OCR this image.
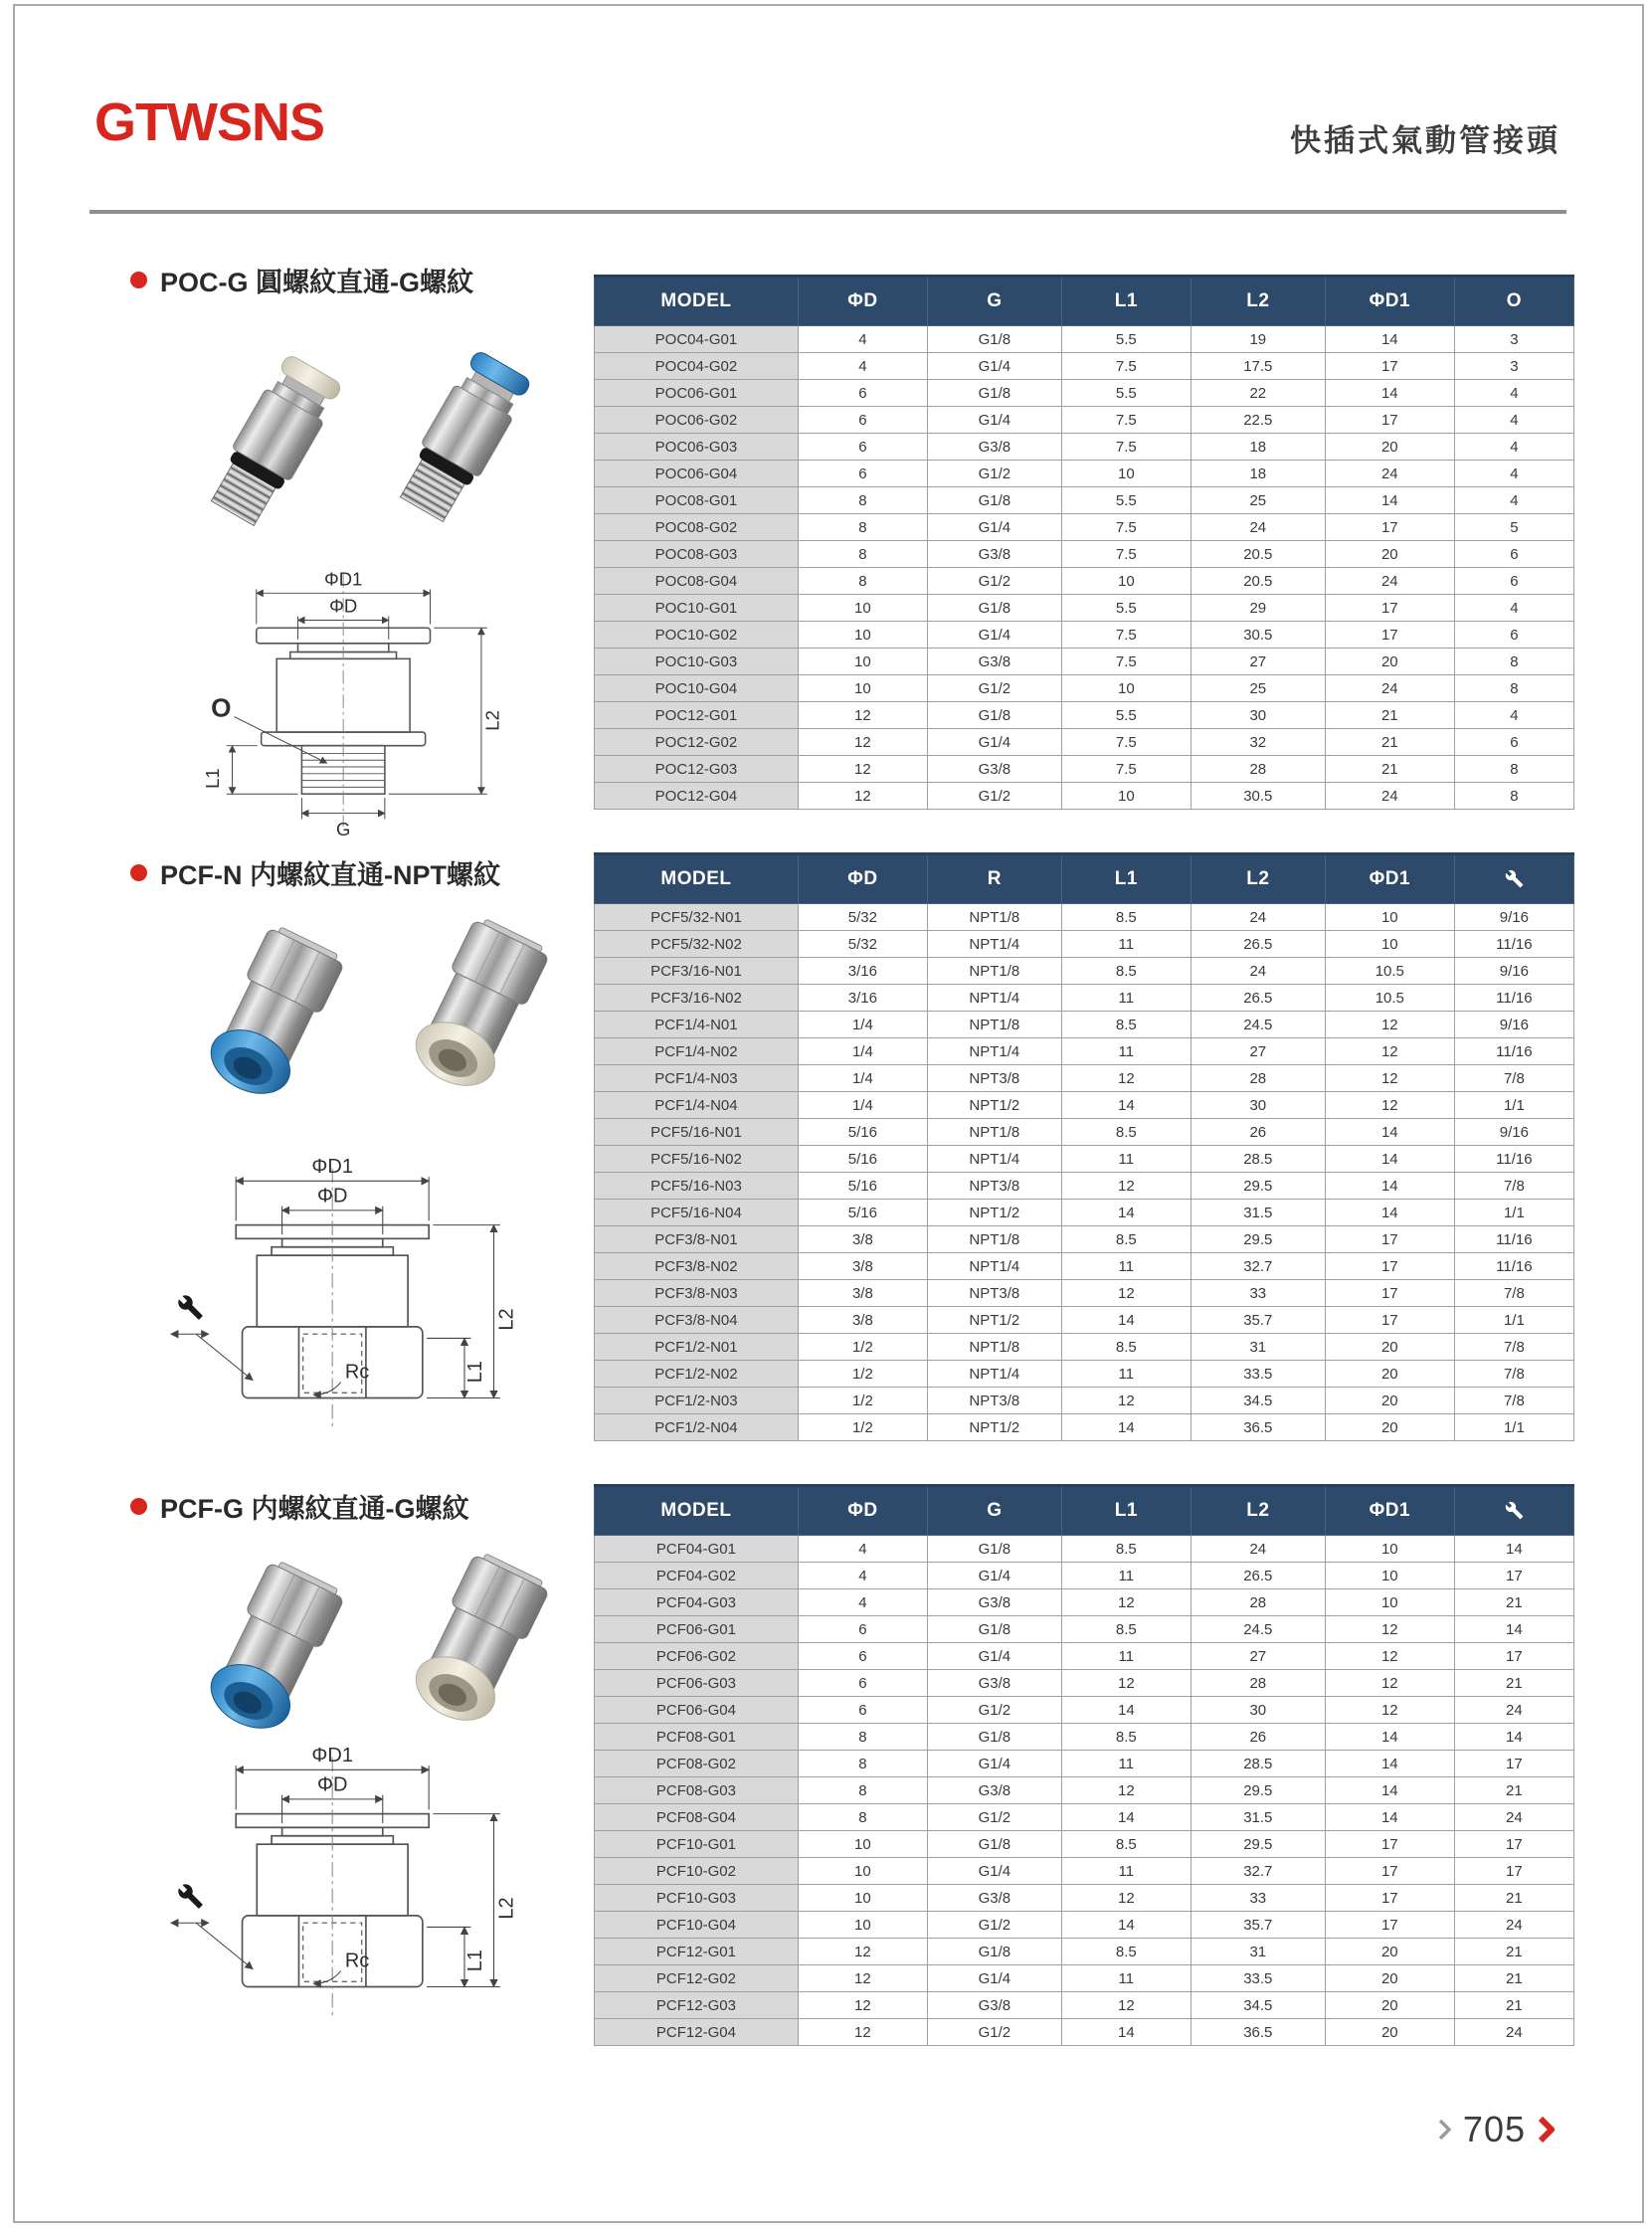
GTWSNS	快插式氣動管接頭
POC-G 圓螺紋直通-G螺紋
ΦD1
ΦD
O	L2
L1
G
MODEL	ΦD	G	L1	L2	ΦD1	O
POC04-G01	4	G1/8	5.5	19	14	3
POC04-G02	4	G1/4	7.5	17.5	17	3
POC06-G01	6	G1/8	5.5	22	14	4
POC06-G02	6	G1/4	7.5	22.5	17	4
POC06-G03	6	G3/8	7.5	18	20	4
POC06-G04	6	G1/2	10	18	24	4
POC08-G01	8	G1/8	5.5	25	14	4
POC08-G02	8	G1/4	7.5	24	17	5
POC08-G03	8	G3/8	7.5	20.5	20	6
POC08-G04	8	G1/2	10	20.5	24	6
POC10-G01	10	G1/8	5.5	29	17	4
POC10-G02	10	G1/4	7.5	30.5	17	6
POC10-G03	10	G3/8	7.5	27	20	8
POC10-G04	10	G1/2	10	25	24	8
POC12-G01	12	G1/8	5.5	30	21	4
POC12-G02	12	G1/4	7.5	32	21	6
POC12-G03	12	G3/8	7.5	28	21	8
POC12-G04	12	G1/2	10	30.5	24	8
PCF-N 内螺紋直通-NPT螺紋
ΦD1
ΦD
Rc
L2
L1
MODEL	ΦD	R	L1	L2	ΦD1	
PCF5/32-N01	5/32	NPT1/8	8.5	24	10	9/16
PCF5/32-N02	5/32	NPT1/4	11	26.5	10	11/16
PCF3/16-N01	3/16	NPT1/8	8.5	24	10.5	9/16
PCF3/16-N02	3/16	NPT1/4	11	26.5	10.5	11/16
PCF1/4-N01	1/4	NPT1/8	8.5	24.5	12	9/16
PCF1/4-N02	1/4	NPT1/4	11	27	12	11/16
PCF1/4-N03	1/4	NPT3/8	12	28	12	7/8
PCF1/4-N04	1/4	NPT1/2	14	30	12	1/1
PCF5/16-N01	5/16	NPT1/8	8.5	26	14	9/16
PCF5/16-N02	5/16	NPT1/4	11	28.5	14	11/16
PCF5/16-N03	5/16	NPT3/8	12	29.5	14	7/8
PCF5/16-N04	5/16	NPT1/2	14	31.5	14	1/1
PCF3/8-N01	3/8	NPT1/8	8.5	29.5	17	11/16
PCF3/8-N02	3/8	NPT1/4	11	32.7	17	11/16
PCF3/8-N03	3/8	NPT3/8	12	33	17	7/8
PCF3/8-N04	3/8	NPT1/2	14	35.7	17	1/1
PCF1/2-N01	1/2	NPT1/8	8.5	31	20	7/8
PCF1/2-N02	1/2	NPT1/4	11	33.5	20	7/8
PCF1/2-N03	1/2	NPT3/8	12	34.5	20	7/8
PCF1/2-N04	1/2	NPT1/2	14	36.5	20	1/1
PCF-G 内螺紋直通-G螺紋
ΦD1
ΦD
Rc
L2
L1
MODEL	ΦD	G	L1	L2	ΦD1	
PCF04-G01	4	G1/8	8.5	24	10	14
PCF04-G02	4	G1/4	11	26.5	10	17
PCF04-G03	4	G3/8	12	28	10	21
PCF06-G01	6	G1/8	8.5	24.5	12	14
PCF06-G02	6	G1/4	11	27	12	17
PCF06-G03	6	G3/8	12	28	12	21
PCF06-G04	6	G1/2	14	30	12	24
PCF08-G01	8	G1/8	8.5	26	14	14
PCF08-G02	8	G1/4	11	28.5	14	17
PCF08-G03	8	G3/8	12	29.5	14	21
PCF08-G04	8	G1/2	14	31.5	14	24
PCF10-G01	10	G1/8	8.5	29.5	17	17
PCF10-G02	10	G1/4	11	32.7	17	17
PCF10-G03	10	G3/8	12	33	17	21
PCF10-G04	10	G1/2	14	35.7	17	24
PCF12-G01	12	G1/8	8.5	31	20	21
PCF12-G02	12	G1/4	11	33.5	20	21
PCF12-G03	12	G3/8	12	34.5	20	21
PCF12-G04	12	G1/2	14	36.5	20	24
705
